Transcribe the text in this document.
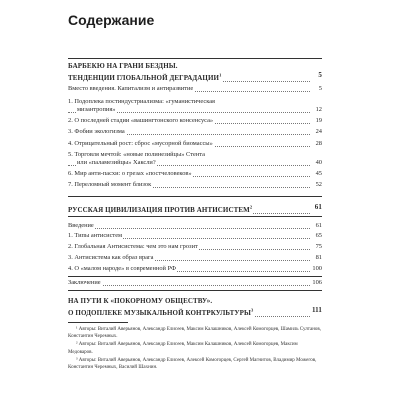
Содержание
БАРБЕКЮ НА ГРАНИ БЕЗДНЫ.
ТЕНДЕНЦИИ ГЛОБАЛЬНОЙ ДЕГРАДАЦИИ$^1$	5
Вместо введения. Капитализм и антиразвитие	5
1. Подоплека постиндустриализма: «гуманистическая
мизантропия»	12
2. О последней стадии «вашингтонского консенсуса»	19
3. Фобии экологизма	24
4. Отрицательный рост: сброс «мусорной биомассы»	28
5. Торговля мечтой: «новые полинезийцы» Стента
или «паламезийцы» Хаксли?	40
6. Мир анти-пасхи: о грезах «постчеловеков»	45
7. Переломный момент близок	52
РУССКАЯ ЦИВИЛИЗАЦИЯ ПРОТИВ АНТИСИСТЕМ$^2$	61
Введение	61
1. Типы антисистем	65
2. Глобальная Антисистема: чем это нам грозит	75
3. Антисистема как образ врага	81
4. О «малом народе» в современной РФ	100
Заключение	106
НА ПУТИ К «ПОКОРНОМУ ОБЩЕСТВУ».
О ПОДОПЛЕКЕ МУЗЫКАЛЬНОЙ КОНТРКУЛЬТУРЫ$^3$	111

¹ Авторы: Виталий Аверьянов, Александр Елисеев, Максим Калашников, Алексей Комогорцев, Шамиль Султанов, Константин Черемных.

² Авторы: Виталий Аверьянов, Александр Елисеев, Максим Калашников, Алексей Комогорцев, Максим Медоваров.

³ Авторы: Виталий Аверьянов, Александр Елисеев, Алексей Комогорцев, Сергей Магнитов, Владимир Можегов, Константин Черемных, Василий Шахнин.
